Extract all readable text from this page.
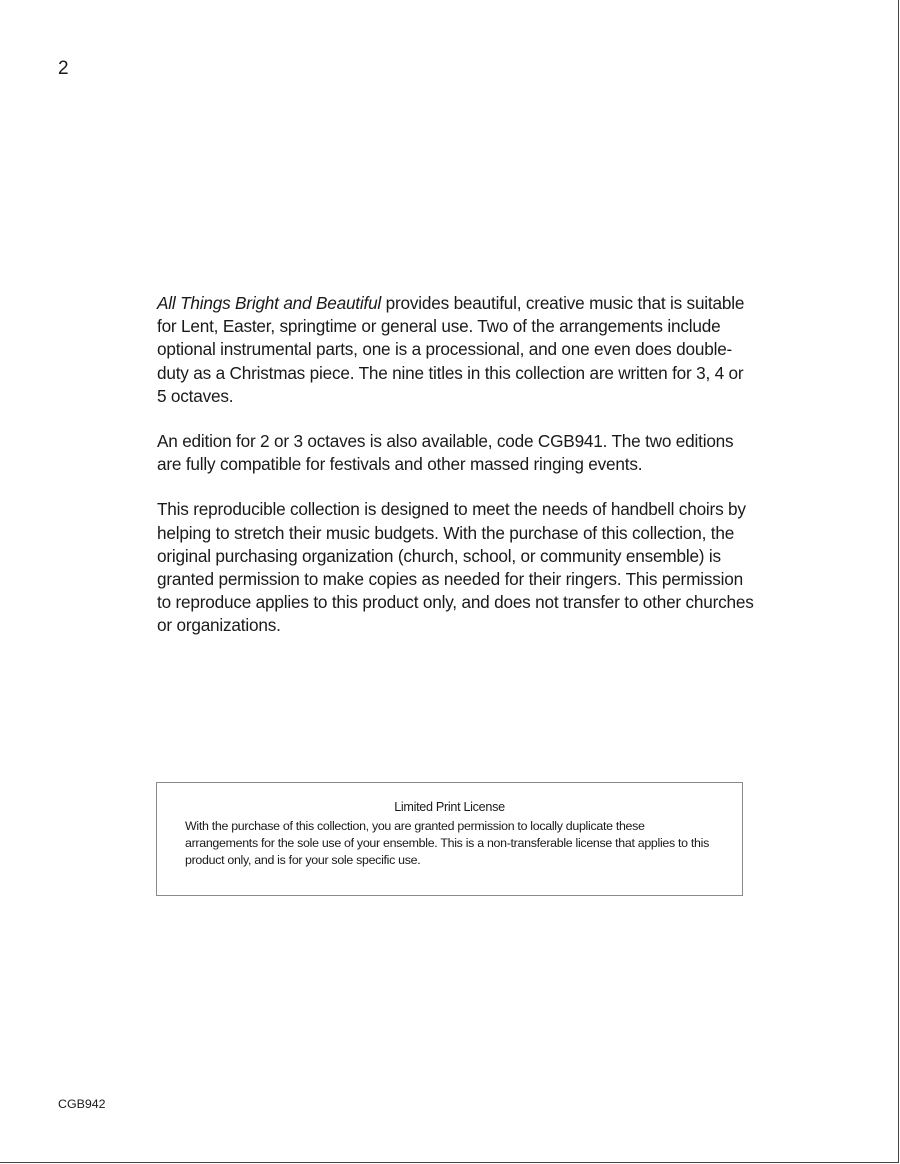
2

All Things Bright and Beautiful provides beautiful, creative music that is suitable for Lent, Easter, springtime or general use. Two of the arrangements include optional instrumental parts, one is a processional, and one even does double-duty as a Christmas piece. The nine titles in this collection are written for 3, 4 or 5 octaves.

An edition for 2 or 3 octaves is also available, code CGB941. The two editions are fully compatible for festivals and other massed ringing events.

This reproducible collection is designed to meet the needs of handbell choirs by helping to stretch their music budgets. With the purchase of this collection, the original purchasing organization (church, school, or community ensemble) is granted permission to make copies as needed for their ringers. This permission to reproduce applies to this product only, and does not transfer to other churches or organizations.

Limited Print License

With the purchase of this collection, you are granted permission to locally duplicate these arrangements for the sole use of your ensemble. This is a non-transferable license that applies to this product only, and is for your sole specific use.

CGB942
